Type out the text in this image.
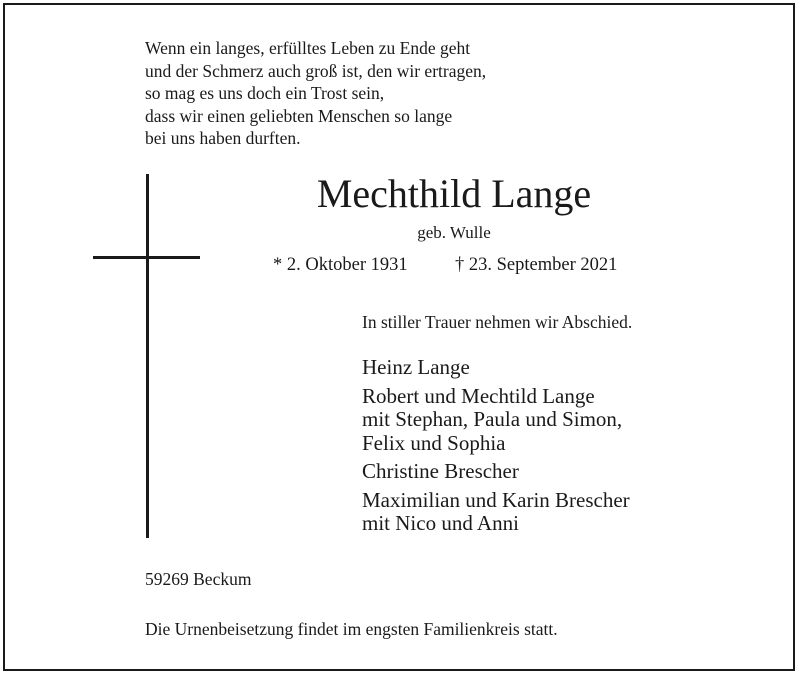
Wenn ein langes, erfülltes Leben zu Ende geht
und der Schmerz auch groß ist, den wir ertragen,
so mag es uns doch ein Trost sein,
dass wir einen geliebten Menschen so lange
bei uns haben durften.
Mechthild Lange
geb. Wulle
* 2. Oktober 1931	† 23. September 2021
In stiller Trauer nehmen wir Abschied.
Heinz Lange
Robert und Mechtild Lange
mit Stephan, Paula und Simon,
Felix und Sophia
Christine Brescher
Maximilian und Karin Brescher
mit Nico und Anni
59269 Beckum
Die Urnenbeisetzung findet im engsten Familienkreis statt.
